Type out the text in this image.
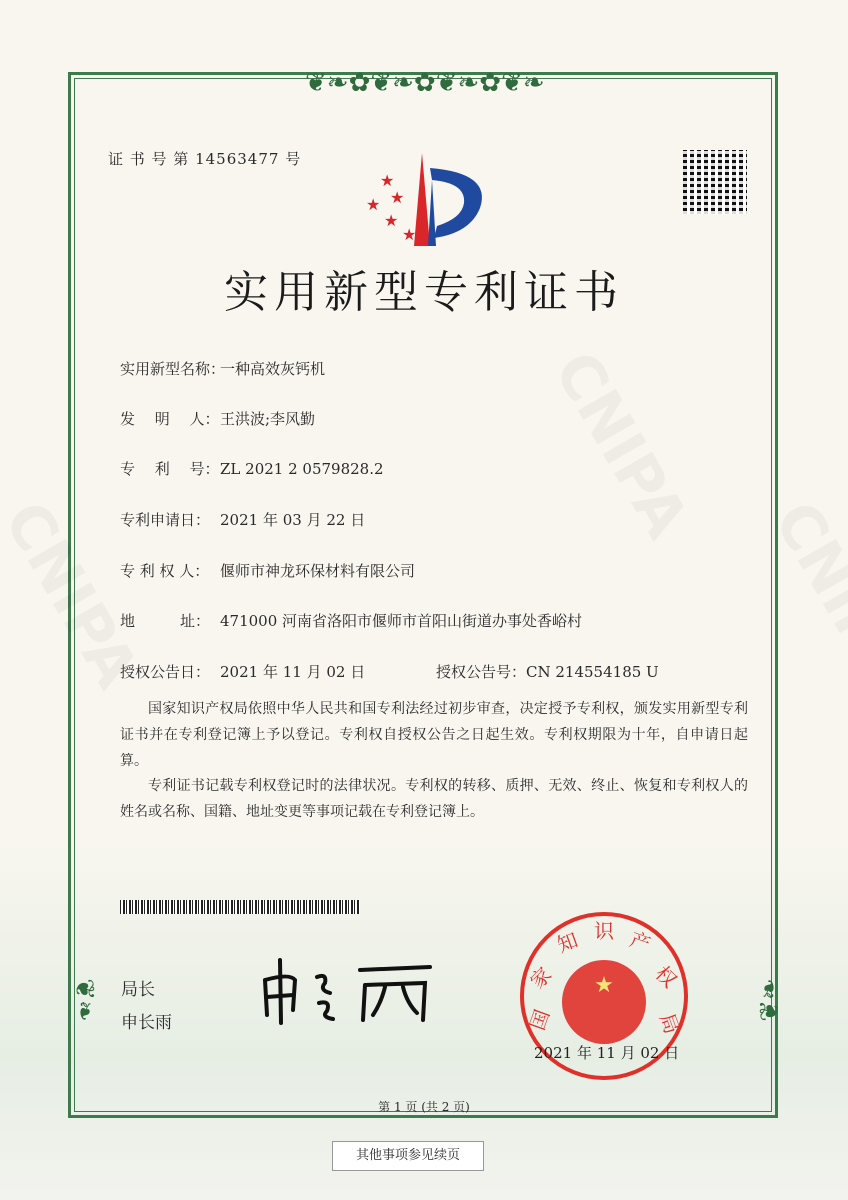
❦❧✿❦❧✿❦❧✿❦❧
❦❧	❦❧
证 书 号 第 14563477 号
★
★
★
★
★
实用新型专利证书
实用新型名称：一种高效灰钙机
发　 明　 人：王洪波;李风勤
专　 利　 号：ZL 2021 2 0579828.2
专利申请日： 2021 年 03 月 22 日
专 利 权 人： 偃师市神龙环保材料有限公司
地　　　址： 471000 河南省洛阳市偃师市首阳山街道办事处香峪村
授权公告日： 2021 年 11 月 02 日	授权公告号：CN 214554185 U
国家知识产权局依照中华人民共和国专利法经过初步审查，决定授予专利权，颁发实用新型专利证书并在专利登记簿上予以登记。专利权自授权公告之日起生效。专利权期限为十年，自申请日起算。
专利证书记载专利权登记时的法律状况。专利权的转移、质押、无效、终止、恢复和专利权人的姓名或名称、国籍、地址变更等事项记载在专利登记簿上。
局长
申长雨
★
国
家
知 识 产
权
局
2021 年 11 月 02 日
第 1 页 (共 2 页)
其他事项参见续页
